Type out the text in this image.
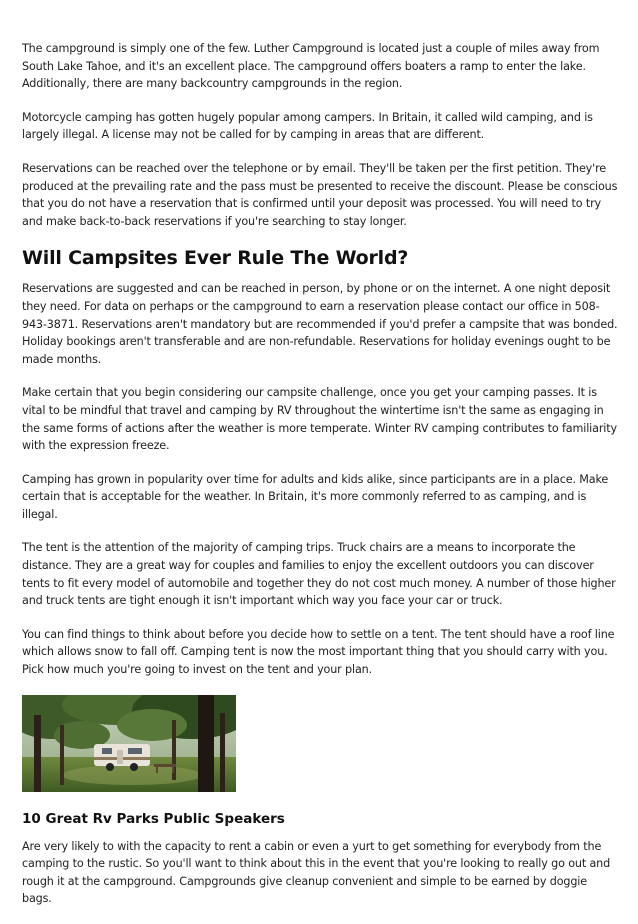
The campground is simply one of the few. Luther Campground is located just a couple of miles away from South Lake Tahoe, and it's an excellent place. The campground offers boaters a ramp to enter the lake. Additionally, there are many backcountry campgrounds in the region.

Motorcycle camping has gotten hugely popular among campers. In Britain, it called wild camping, and is largely illegal. A license may not be called for by camping in areas that are different.

Reservations can be reached over the telephone or by email. They'll be taken per the first petition. They're produced at the prevailing rate and the pass must be presented to receive the discount. Please be conscious that you do not have a reservation that is confirmed until your deposit was processed. You will need to try and make back-to-back reservations if you're searching to stay longer.

Will Campsites Ever Rule The World?

Reservations are suggested and can be reached in person, by phone or on the internet. A one night deposit they need. For data on perhaps or the campground to earn a reservation please contact our office in 508-943-3871. Reservations aren't mandatory but are recommended if you'd prefer a campsite that was bonded. Holiday bookings aren't transferable and are non-refundable. Reservations for holiday evenings ought to be made months.

Make certain that you begin considering our campsite challenge, once you get your camping passes. It is vital to be mindful that travel and camping by RV throughout the wintertime isn't the same as engaging in the same forms of actions after the weather is more temperate. Winter RV camping contributes to familiarity with the expression freeze.

Camping has grown in popularity over time for adults and kids alike, since participants are in a place. Make certain that is acceptable for the weather. In Britain, it's more commonly referred to as camping, and is illegal.

The tent is the attention of the majority of camping trips. Truck chairs are a means to incorporate the distance. They are a great way for couples and families to enjoy the excellent outdoors you can discover tents to fit every model of automobile and together they do not cost much money. A number of those higher and truck tents are tight enough it isn't important which way you face your car or truck.

You can find things to think about before you decide how to settle on a tent. The tent should have a roof line which allows snow to fall off. Camping tent is now the most important thing that you should carry with you. Pick how much you're going to invest on the tent and your plan.

10 Great Rv Parks Public Speakers

Are very likely to with the capacity to rent a cabin or even a yurt to get something for everybody from the camping to the rustic. So you'll want to think about this in the event that you're looking to really go out and rough it at the campground. Campgrounds give cleanup convenient and simple to be earned by doggie bags.
